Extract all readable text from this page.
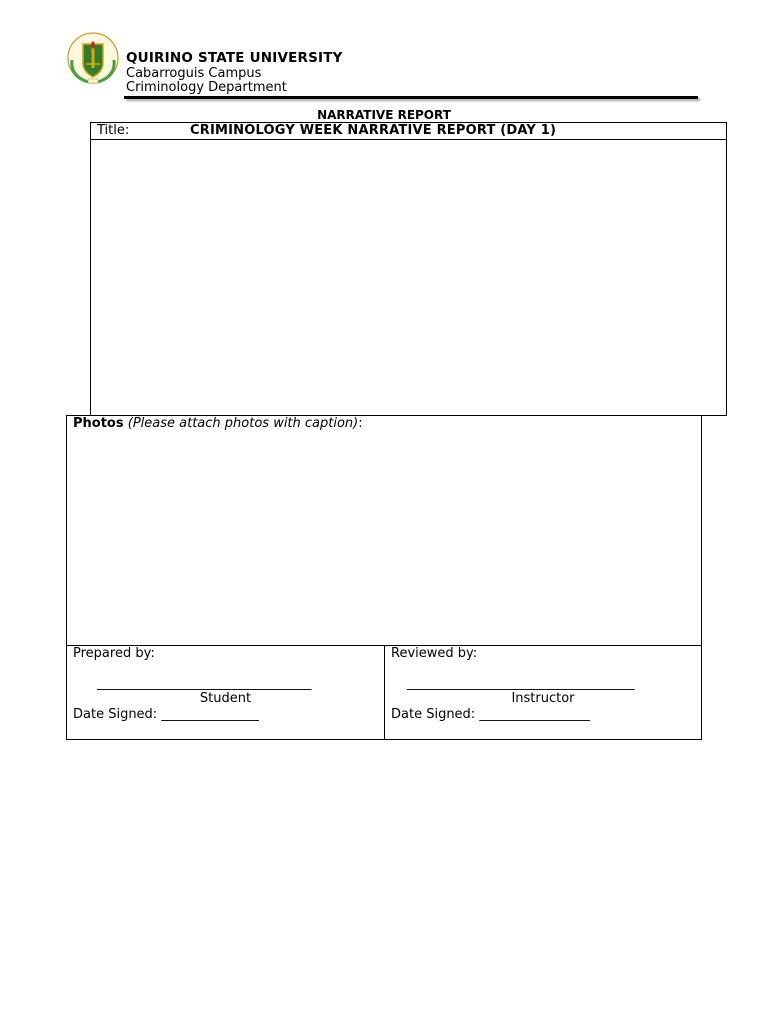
QUIRINO STATE UNIVERSITY
Cabarroguis Campus
Criminology Department
NARRATIVE REPORT
Title:	CRIMINOLOGY WEEK NARRATIVE REPORT (DAY 1)
Photos (Please attach photos with caption):
Prepared by:
_________________________________
Student
Date Signed: _______________
Reviewed by:
___________________________________
Instructor
Date Signed: _________________
